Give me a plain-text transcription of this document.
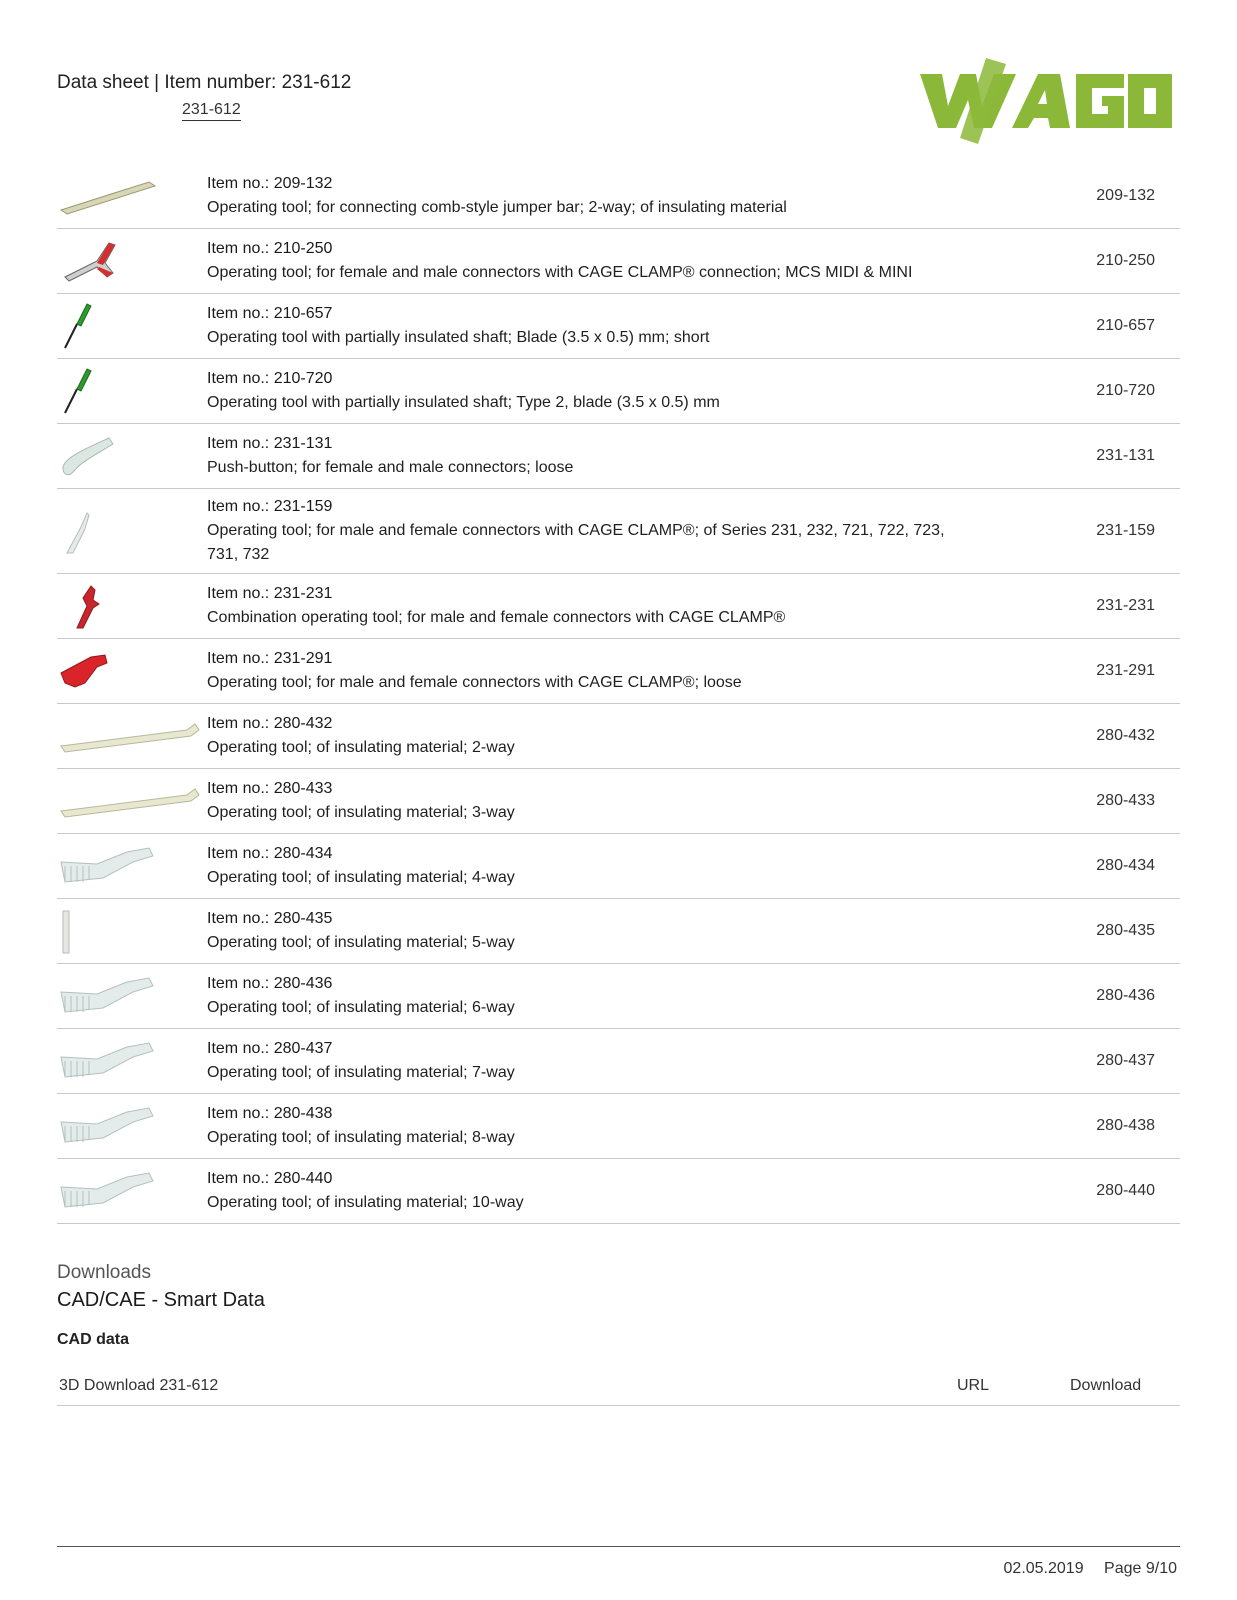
Data sheet | Item number: 231-612
231-612

Item no.: 209-132
Operating tool; for connecting comb-style jumper bar; 2-way; of insulating material	209-132

Item no.: 210-250
Operating tool; for female and male connectors with CAGE CLAMP® connection; MCS MIDI & MINI	210-250

Item no.: 210-657
Operating tool with partially insulated shaft; Blade (3.5 x 0.5) mm; short	210-657

Item no.: 210-720
Operating tool with partially insulated shaft; Type 2, blade (3.5 x 0.5) mm	210-720

Item no.: 231-131
Push-button; for female and male connectors; loose	231-131

Item no.: 231-159
Operating tool; for male and female connectors with CAGE CLAMP®; of Series 231, 232, 721, 722, 723, 731, 732	231-159

Item no.: 231-231
Combination operating tool; for male and female connectors with CAGE CLAMP®	231-231

Item no.: 231-291
Operating tool; for male and female connectors with CAGE CLAMP®; loose	231-291

Item no.: 280-432
Operating tool; of insulating material; 2-way	280-432

Item no.: 280-433
Operating tool; of insulating material; 3-way	280-433

Item no.: 280-434
Operating tool; of insulating material; 4-way	280-434

Item no.: 280-435
Operating tool; of insulating material; 5-way	280-435

Item no.: 280-436
Operating tool; of insulating material; 6-way	280-436

Item no.: 280-437
Operating tool; of insulating material; 7-way	280-437

Item no.: 280-438
Operating tool; of insulating material; 8-way	280-438

Item no.: 280-440
Operating tool; of insulating material; 10-way	280-440
Downloads
CAD/CAE - Smart Data
CAD data
3D Download 231-612	URL	Download
02.05.2019 Page 9/10
